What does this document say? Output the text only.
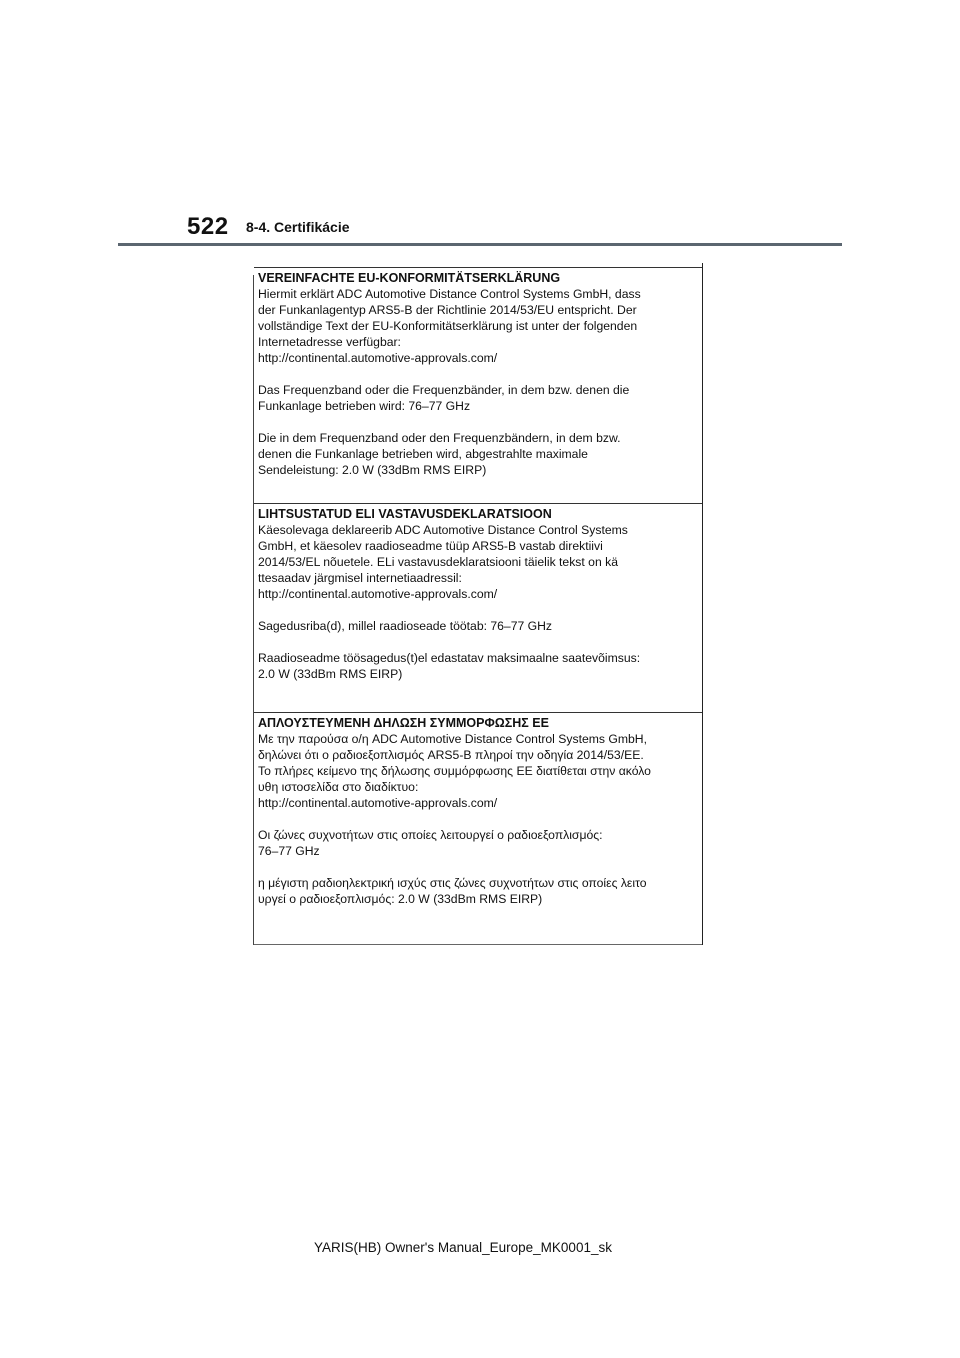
522 8-4. Certifikácie
VEREINFACHTE EU-KONFORMITÄTSERKLÄRUNG
Hiermit erklärt ADC Automotive Distance Control Systems GmbH, dass
der Funkanlagentyp ARS5-B der Richtlinie 2014/53/EU entspricht. Der
vollständige Text der EU-Konformitätserklärung ist unter der folgenden
Internetadresse verfügbar:
http://continental.automotive-approvals.com/
Das Frequenzband oder die Frequenzbänder, in dem bzw. denen die
Funkanlage betrieben wird: 76–77 GHz
Die in dem Frequenzband oder den Frequenzbändern, in dem bzw.
denen die Funkanlage betrieben wird, abgestrahlte maximale
Sendeleistung: 2.0 W (33dBm RMS EIRP)
LIHTSUSTATUD ELI VASTAVUSDEKLARATSIOON
Käesolevaga deklareerib ADC Automotive Distance Control Systems
GmbH, et käesolev raadioseadme tüüp ARS5-B vastab direktiivi
2014/53/EL nõuetele. ELi vastavusdeklaratsiooni täielik tekst on kä
ttesaadav järgmisel internetiaadressil:
http://continental.automotive-approvals.com/
Sagedusriba(d), millel raadioseade töötab: 76–77 GHz
Raadioseadme töösagedus(t)el edastatav maksimaalne saatevõimsus:
2.0 W (33dBm RMS EIRP)
ΑΠΛΟΥΣΤΕΥΜΕΝΗ ΔΗΛΩΣΗ ΣΥΜΜΟΡΦΩΣΗΣ ΕΕ
Με την παρούσα ο/η ADC Automotive Distance Control Systems GmbH,
δηλώνει ότι ο ραδιοεξοπλισμός ARS5-B πληροί την οδηγία 2014/53/ΕΕ.
Το πλήρες κείμενο της δήλωσης συμμόρφωσης ΕΕ διατίθεται στην ακόλο
υθη ιστοσελίδα στο διαδίκτυο:
http://continental.automotive-approvals.com/
Οι ζώνες συχνοτήτων στις οποίες λειτουργεί ο ραδιοεξοπλισμός:
76–77 GHz
η μέγιστη ραδιοηλεκτρική ισχύς στις ζώνες συχνοτήτων στις οποίες λειτο
υργεί ο ραδιοεξοπλισμός: 2.0 W (33dBm RMS EIRP)
YARIS(HB) Owner's Manual_Europe_MK0001_sk
